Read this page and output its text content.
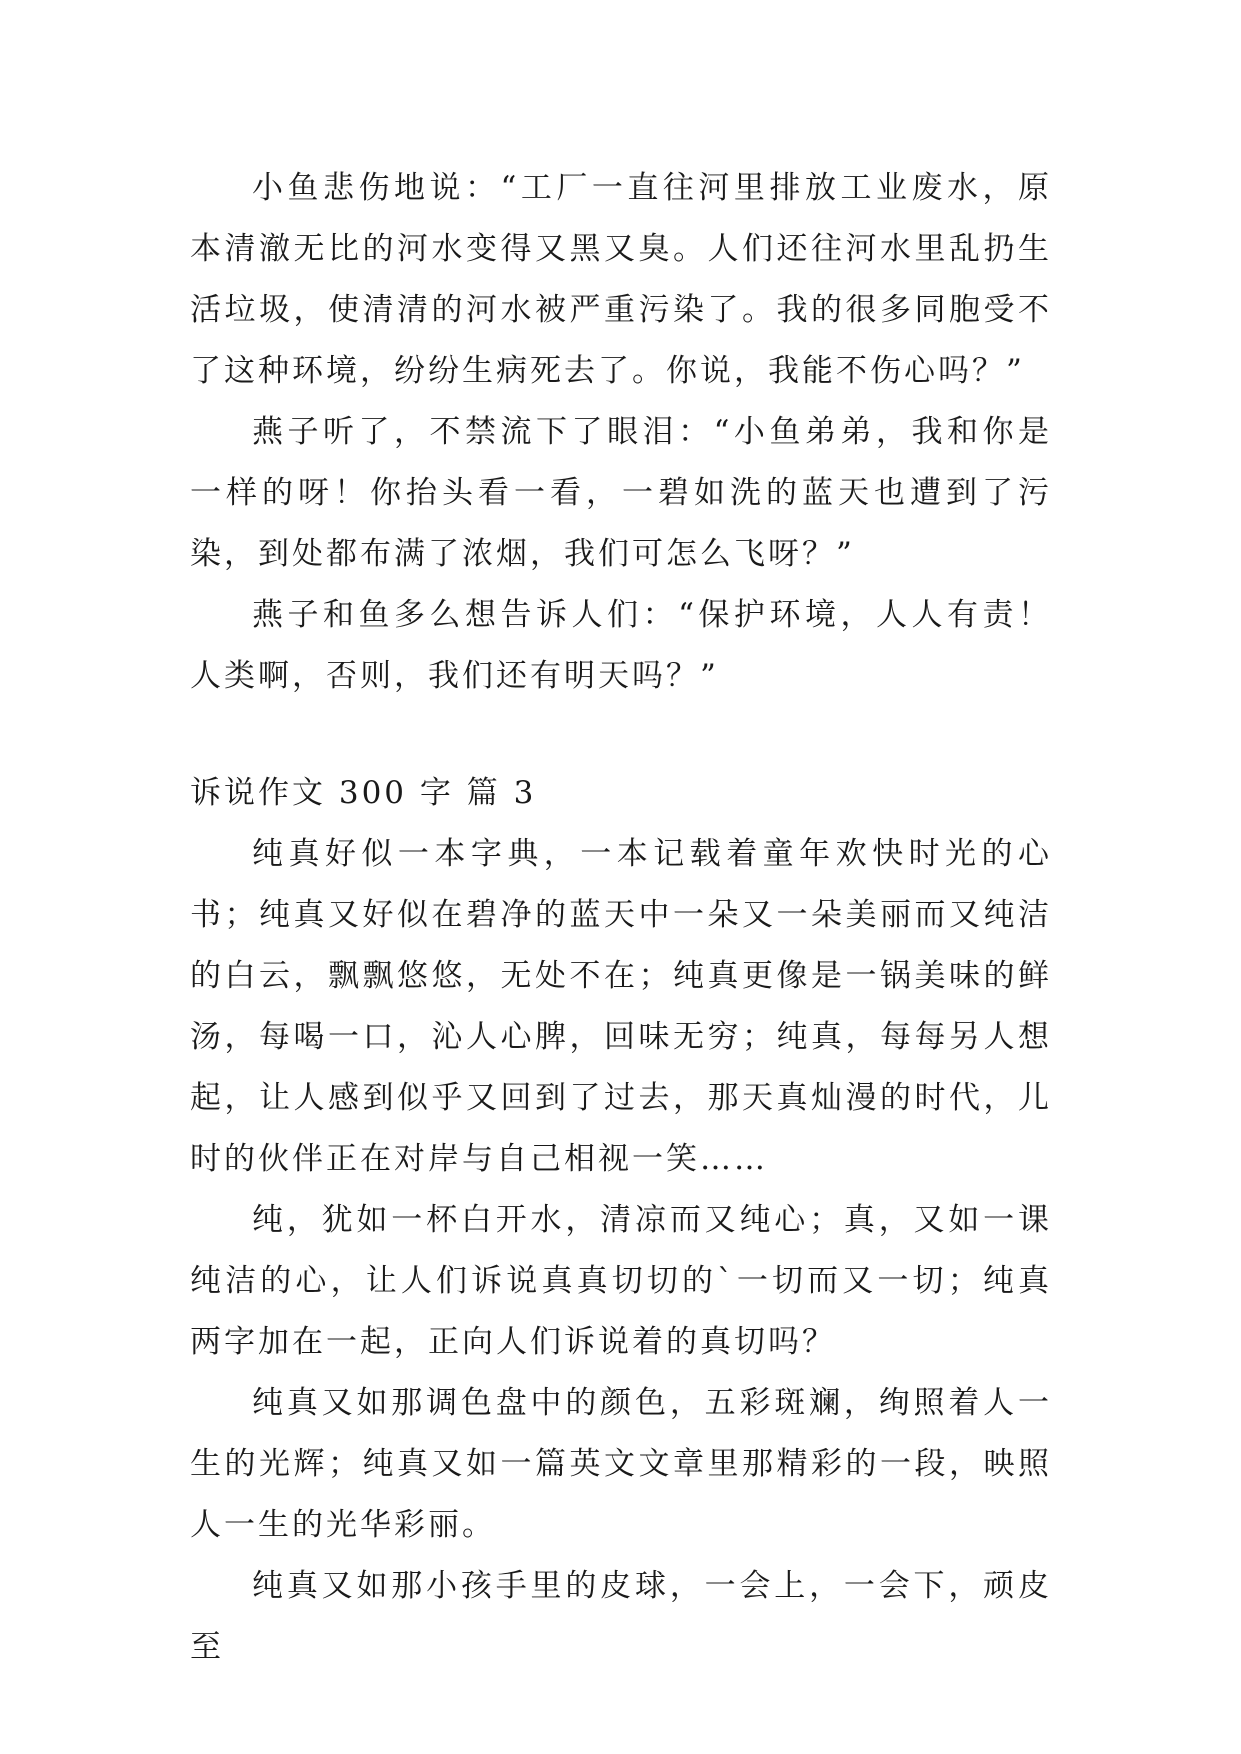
小鱼悲伤地说：“工厂一直往河里排放工业废水，原本清澈无比的河水变得又黑又臭。人们还往河水里乱扔生活垃圾，使清清的河水被严重污染了。我的很多同胞受不了这种环境，纷纷生病死去了。你说，我能不伤心吗？”

燕子听了，不禁流下了眼泪：“小鱼弟弟，我和你是一样的呀！你抬头看一看，一碧如洗的蓝天也遭到了污染，到处都布满了浓烟，我们可怎么飞呀？”

燕子和鱼多么想告诉人们：“保护环境，人人有责！人类啊，否则，我们还有明天吗？”

诉说作文 300 字 篇 3

纯真好似一本字典，一本记载着童年欢快时光的心书；纯真又好似在碧净的蓝天中一朵又一朵美丽而又纯洁的白云，飘飘悠悠，无处不在；纯真更像是一锅美味的鲜汤，每喝一口，沁人心脾，回味无穷；纯真，每每另人想起，让人感到似乎又回到了过去，那天真灿漫的时代，儿时的伙伴正在对岸与自己相视一笑……

纯，犹如一杯白开水，清凉而又纯心；真，又如一课纯洁的心，让人们诉说真真切切的`一切而又一切；纯真两字加在一起，正向人们诉说着的真切吗？

纯真又如那调色盘中的颜色，五彩斑斓，绚照着人一生的光辉；纯真又如一篇英文文章里那精彩的一段，映照人一生的光华彩丽。

纯真又如那小孩手里的皮球，一会上，一会下，顽皮至
